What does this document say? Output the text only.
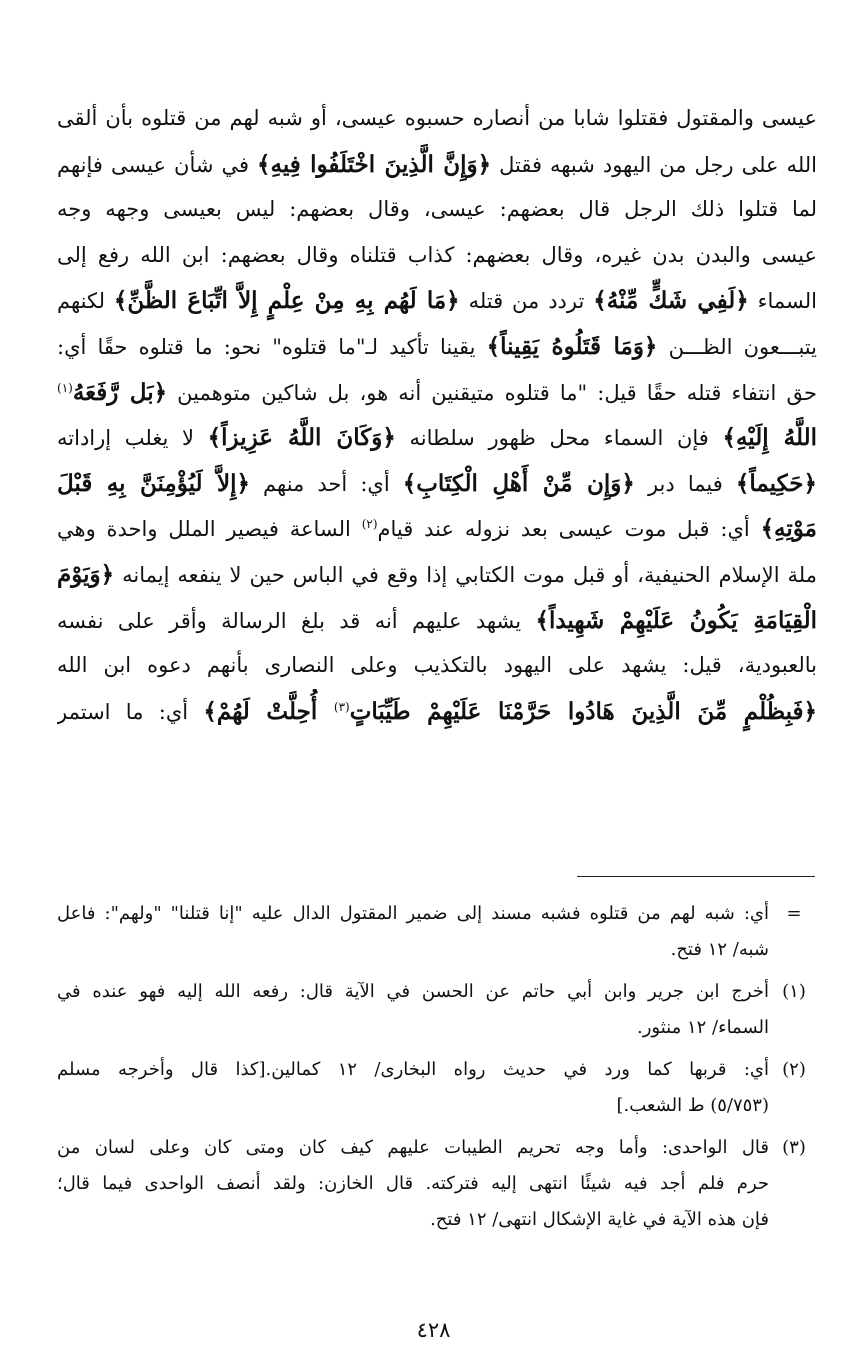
عيسى والمقتول فقتلوا شابا من أنصاره حسبوه عيسى، أو شبه لهم من قتلوه بأن ألقى
الله على رجل من اليهود شبهه فقتل ﴿وَإِنَّ الَّذِينَ اخْتَلَفُوا فِيهِ﴾ في شأن عيسى فإنهم
لما قتلوا ذلك الرجل قال بعضهم: عيسى، وقال بعضهم: ليس بعيسى وجهه وجه
عيسى والبدن بدن غيره، وقال بعضهم: كذاب قتلناه وقال بعضهم: ابن الله رفع إلى
السماء ﴿لَفِي شَكٍّ مِّنْهُ﴾ تردد من قتله ﴿مَا لَهُم بِهِ مِنْ عِلْمٍ إِلاَّ اتِّبَاعَ الظَّنِّ﴾ لكنهم
يتبـــعون الظـــن ﴿وَمَا قَتَلُوهُ يَقِيناً﴾ يقينا تأكيد لـ"ما قتلوه" نحو: ما قتلوه حقًا أي:
حق انتفاء قتله حقًا قيل: "ما قتلوه متيقنين أنه هو، بل شاكين متوهمين ﴿بَل رَّفَعَهُ$^{(١)}$
اللَّهُ إِلَيْهِ﴾ فإن السماء محل ظهور سلطانه ﴿وَكَانَ اللَّهُ عَزِيزاً﴾ لا يغلب إراداته
﴿حَكِيماً﴾ فيما دبر ﴿وَإِن مِّنْ أَهْلِ الْكِتَابِ﴾ أي: أحد منهم ﴿إِلاَّ لَيُؤْمِنَنَّ بِهِ قَبْلَ
مَوْتِهِ﴾ أي: قبل موت عيسى بعد نزوله عند قيام$^{(٢)}$ الساعة فيصير الملل واحدة وهي
ملة الإسلام الحنيفية، أو قبل موت الكتابي إذا وقع في الباس حين لا ينفعه إيمانه ﴿وَيَوْمَ
الْقِيَامَةِ يَكُونُ عَلَيْهِمْ شَهِيداً﴾ يشهد عليهم أنه قد بلغ الرسالة وأقر على نفسه
بالعبودية، قيل: يشهد على اليهود بالتكذيب وعلى النصارى بأنهم دعوه ابن الله
﴿فَبِظُلْمٍ مِّنَ الَّذِينَ هَادُوا حَرَّمْنَا عَلَيْهِمْ طَيِّبَاتٍ$^{(٣)}$ أُحِلَّتْ لَهُمْ﴾ أي: ما استمر
=
أي: شبه لهم من قتلوه فشبه مسند إلى ضمير المقتول الدال عليه "إنا قتلنا" "ولهم": فاعل
شبه/ ١٢ فتح.
(١)
أخرج ابن جرير وابن أبي حاتم عن الحسن في الآية قال: رفعه الله إليه فهو عنده في
السماء/ ١٢ منثور.
(٢)
أي: قربها كما ورد في حديث رواه البخارى/ ١٢ كمالين.[كذا قال وأخرجه مسلم
(٥/٧٥٣) ط الشعب.]
(٣)
قال الواحدى: وأما وجه تحريم الطيبات عليهم كيف كان ومتى كان وعلى لسان من
حرم فلم أجد فيه شيئًا انتهى إليه فتركته. قال الخازن: ولقد أنصف الواحدى فيما قال؛
فإن هذه الآية في غاية الإشكال انتهى/ ١٢ فتح.
٤٢٨
